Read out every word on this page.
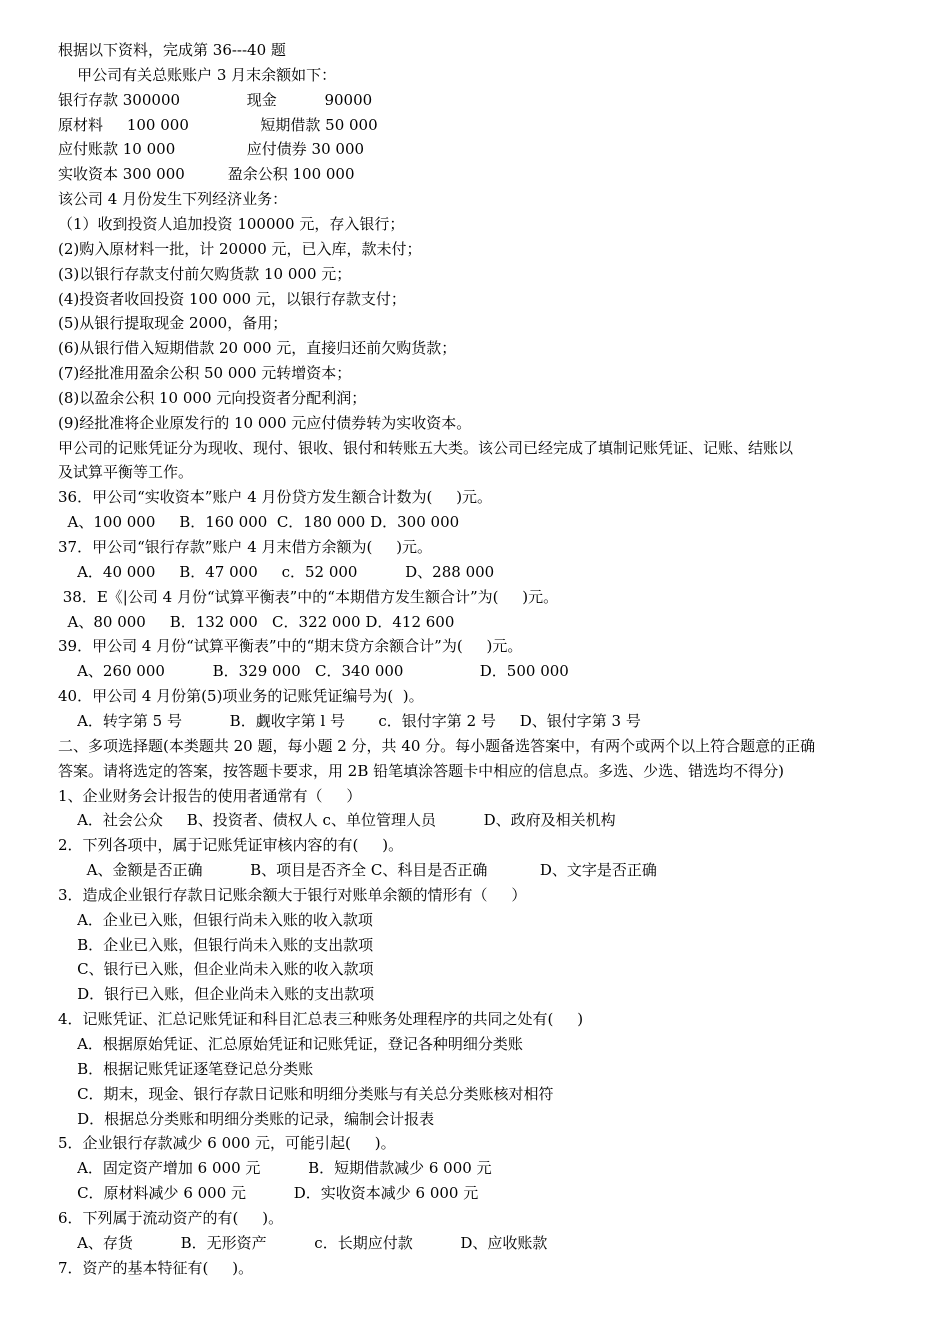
根据以下资料，完成第 36---40 题
甲公司有关总账账户 3 月末余额如下：
银行存款 300000              现金          90000
原材料     100 000               短期借款 50 000
应付账款 10 000               应付债券 30 000
实收资本 300 000         盈余公积 100 000
该公司 4 月份发生下列经济业务：
（1）收到投资人追加投资 100000 元，存入银行；
(2)购入原材料一批，计 20000 元，已入库，款未付；
(3)以银行存款支付前欠购货款 10 000 元；
(4)投资者收回投资 100 000 元，以银行存款支付；
(5)从银行提取现金 2000，备用；
(6)从银行借入短期借款 20 000 元，直接归还前欠购货款；
(7)经批准用盈余公积 50 000 元转增资本；
(8)以盈余公积 10 000 元向投资者分配利润；
(9)经批准将企业原发行的 10 000 元应付债券转为实收资本。
甲公司的记账凭证分为现收、现付、银收、银付和转账五大类。该公司已经完成了填制记账凭证、记账、结账以
及试算平衡等工作。
36．甲公司“实收资本”账户 4 月份贷方发生额合计数为(     )元。
A、100 000     B．160 000  C．180 000 D．300 000
37．甲公司“银行存款”账户 4 月末借方余额为(     )元。
A．40 000     B．47 000     c．52 000          D、288 000
38．E《|公司 4 月份“试算平衡表”中的“本期借方发生额合计”为(     )元。
A、80 000     B．132 000   C．322 000 D．412 600
39．甲公司 4 月份“试算平衡表”中的“期末贷方余额合计”为(     )元。
A、260 000          B．329 000   C．340 000                D．500 000
40．甲公司 4 月份第(5)项业务的记账凭证编号为(  )。
A．转字第 5 号          B．觑收字第 l 号       c．银付字第 2 号     D、银付字第 3 号
二、多项选择题(本类题共 20 题，每小题 2 分，共 40 分。每小题备选答案中，有两个或两个以上符合题意的正确
答案。请将选定的答案，按答题卡要求，用 2B 铅笔填涂答题卡中相应的信息点。多选、少选、错选均不得分)
1、企业财务会计报告的使用者通常有（     ）
A．社会公众     B、投资者、债权人 c、单位管理人员          D、政府及相关机构
2．下列各项中，属于记账凭证审核内容的有(     )。
A、金额是否正确          B、项目是否齐全 C、科目是否正确           D、文字是否正确
3．造成企业银行存款日记账余额大于银行对账单余额的情形有（     ）
A．企业已入账，但银行尚未入账的收入款项
B．企业已入账，但银行尚未入账的支出款项
C、银行已入账，但企业尚未入账的收入款项
D．银行已入账，但企业尚未入账的支出款项
4．记账凭证、汇总记账凭证和科目汇总表三种账务处理程序的共同之处有(     )
A．根据原始凭证、汇总原始凭证和记账凭证，登记各种明细分类账
B．根据记账凭证逐笔登记总分类账
C．期末，现金、银行存款日记账和明细分类账与有关总分类账核对相符
D．根据总分类账和明细分类账的记录，编制会计报表
5．企业银行存款减少 6 000 元，可能引起(     )。
A．固定资产增加 6 000 元          B．短期借款减少 6 000 元
C．原材料减少 6 000 元          D．实收资本减少 6 000 元
6．下列属于流动资产的有(     )。
A、存货          B．无形资产          c．长期应付款          D、应收账款
7．资产的基本特征有(     )。
